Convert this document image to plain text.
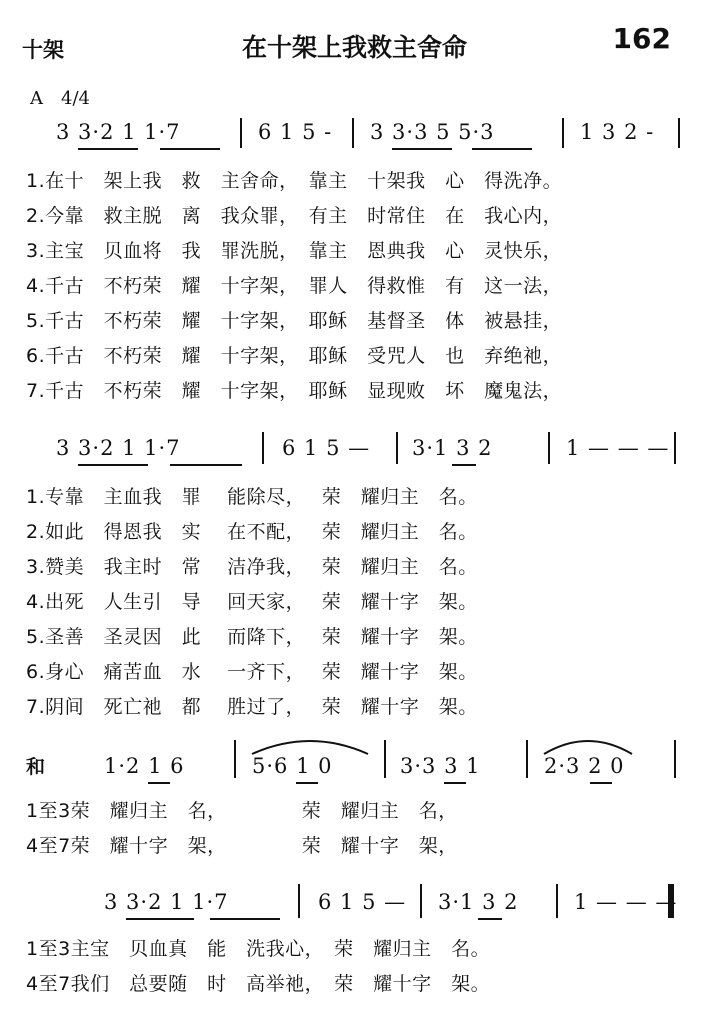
十架	在十架上我救主舍命	162
A　4/4
3 3·2 1 1·7	6 1 5 - 3 3·3 5 5·3	1 3 2 -
1.在十　架上我　救　主舍命，　靠主　十架我　心　得洗净。
2.今靠　救主脱　离　我众罪，　有主　时常住　在　我心内，
3.主宝　贝血将　我　罪洗脱，　靠主　恩典我　心　灵快乐，
4.千古　不朽荣　耀　十字架，　罪人　得救惟　有　这一法，
5.千古　不朽荣　耀　十字架，　耶稣　基督圣　体　被悬挂，
6.千古　不朽荣　耀　十字架，　耶稣　受咒人　也　弃绝祂，
7.千古　不朽荣　耀　十字架，　耶稣　显现败　坏　魔鬼法，
3 3·2 1 1·7	6 1 5 — 3·1 3 2	1 — — —
1.专靠　主血我　罪　 能除尽，　 荣　耀归主　名。
2.如此　得恩我　实　 在不配，　 荣　耀归主　名。
3.赞美　我主时　常　 洁净我，　 荣　耀归主　名。
4.出死　人生引　导　 回天家，　 荣　耀十字　架。
5.圣善　圣灵因　此　 而降下，　 荣　耀十字　架。
6.身心　痛苦血　水　 一齐下，　 荣　耀十字　架。
7.阴间　死亡祂　都　 胜过了，　 荣　耀十字　架。
和	1·2 1 6	5·6 1 0	3·3 3 1	2·3 2 0
1至3荣　耀归主　名，　　　　 荣　耀归主　名，
4至7荣　耀十字　架，　　　　 荣　耀十字　架，
3 3·2 1 1·7	6 1 5 — 3·1 3 2	1 — — —
1至3主宝　贝血真　能　洗我心，　荣　耀归主　名。
4至7我们　总要随　时　高举祂，　荣　耀十字　架。
